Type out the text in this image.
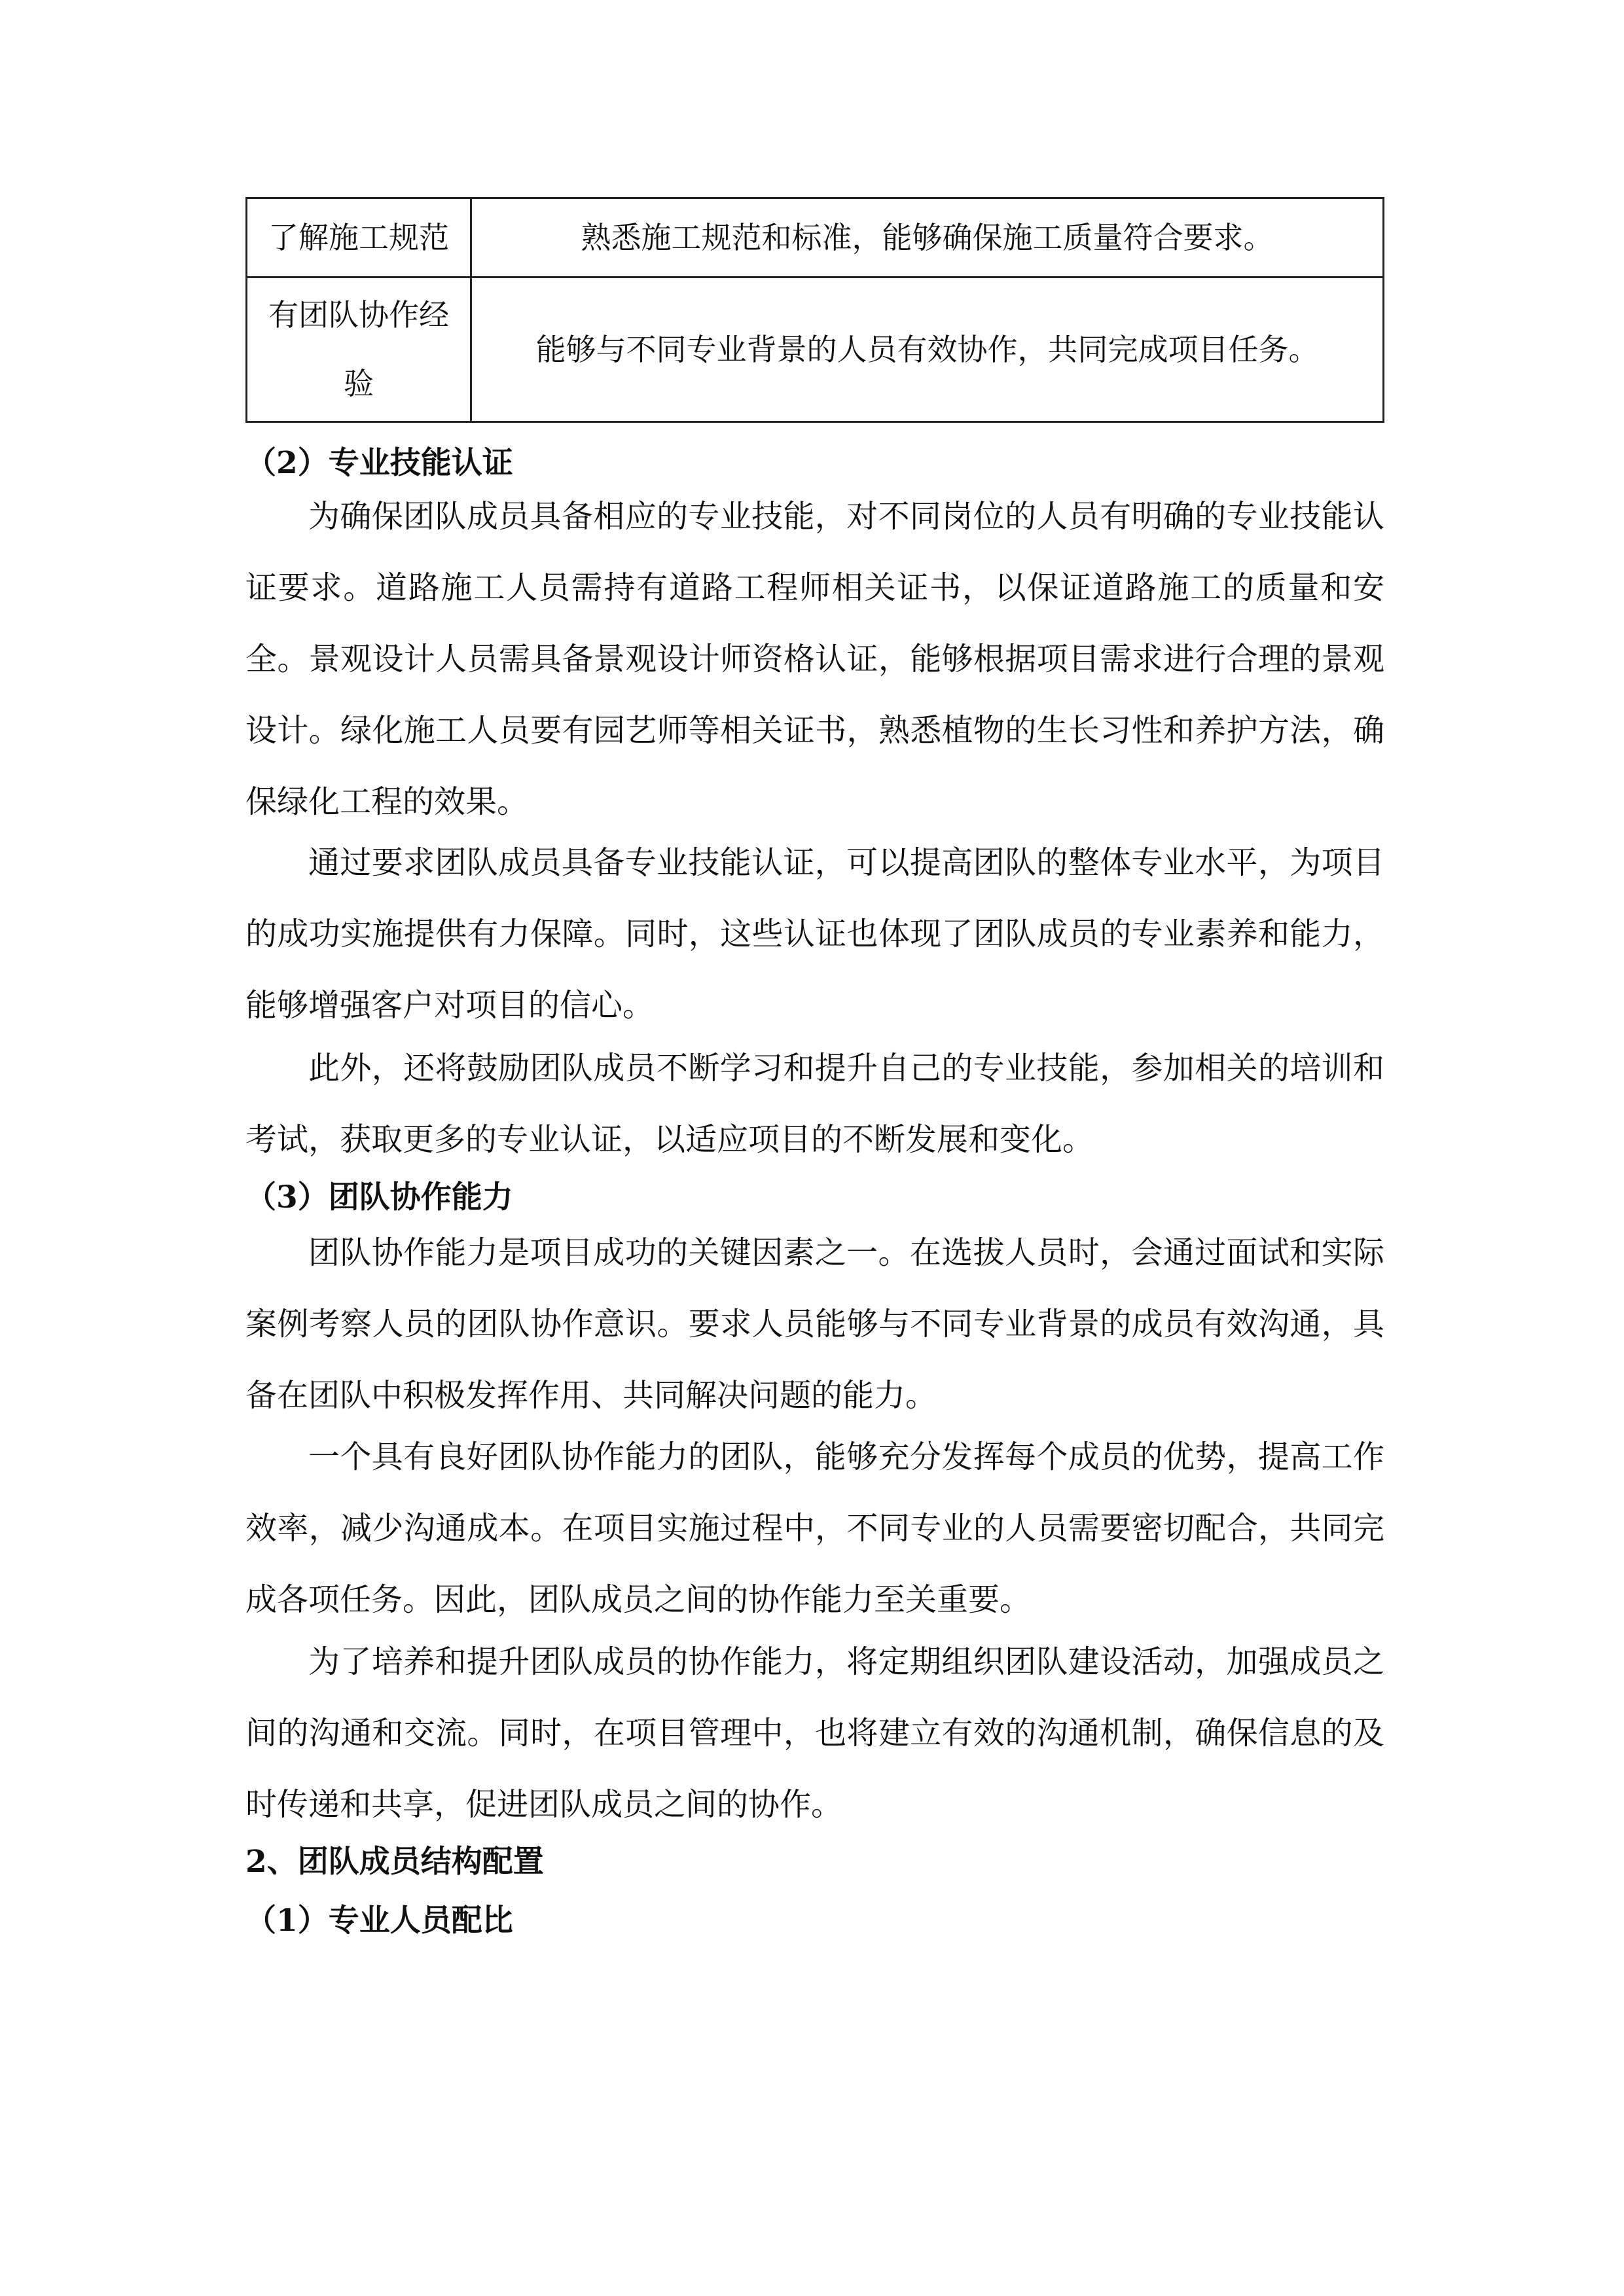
了解施工规范	熟悉施工规范和标准，能够确保施工质量符合要求。
有团队协作经验	能够与不同专业背景的人员有效协作，共同完成项目任务。
（2）专业技能认证

为确保团队成员具备相应的专业技能，对不同岗位的人员有明确的专业技能认证要求。道路施工人员需持有道路工程师相关证书，以保证道路施工的质量和安全。景观设计人员需具备景观设计师资格认证，能够根据项目需求进行合理的景观设计。绿化施工人员要有园艺师等相关证书，熟悉植物的生长习性和养护方法，确保绿化工程的效果。

通过要求团队成员具备专业技能认证，可以提高团队的整体专业水平，为项目的成功实施提供有力保障。同时，这些认证也体现了团队成员的专业素养和能力，能够增强客户对项目的信心。

此外，还将鼓励团队成员不断学习和提升自己的专业技能，参加相关的培训和考试，获取更多的专业认证，以适应项目的不断发展和变化。

（3）团队协作能力

团队协作能力是项目成功的关键因素之一。在选拔人员时，会通过面试和实际案例考察人员的团队协作意识。要求人员能够与不同专业背景的成员有效沟通，具备在团队中积极发挥作用、共同解决问题的能力。

一个具有良好团队协作能力的团队，能够充分发挥每个成员的优势，提高工作效率，减少沟通成本。在项目实施过程中，不同专业的人员需要密切配合，共同完成各项任务。因此，团队成员之间的协作能力至关重要。

为了培养和提升团队成员的协作能力，将定期组织团队建设活动，加强成员之间的沟通和交流。同时，在项目管理中，也将建立有效的沟通机制，确保信息的及时传递和共享，促进团队成员之间的协作。

2、团队成员结构配置
（1）专业人员配比
